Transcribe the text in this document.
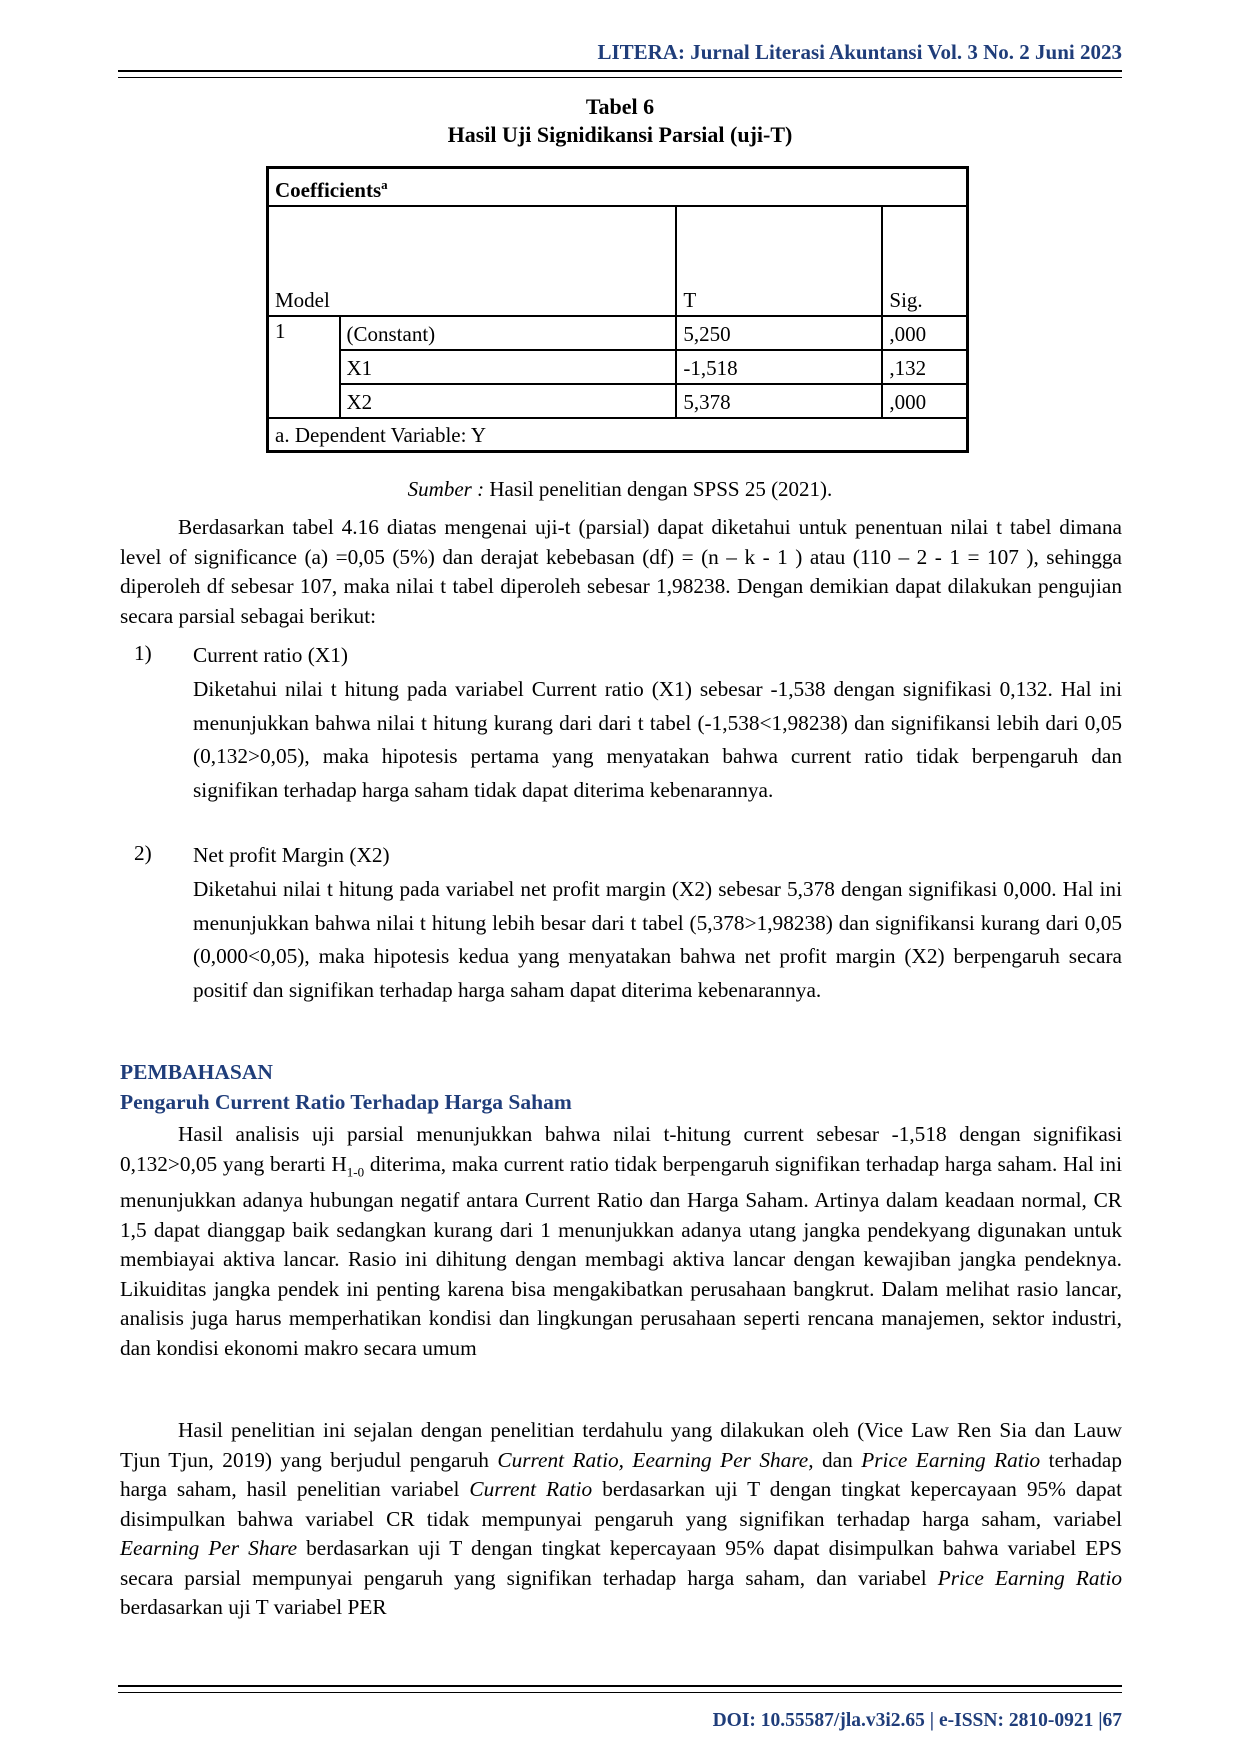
LITERA: Jurnal Literasi Akuntansi Vol. 3 No. 2 Juni 2023
Tabel 6
Hasil Uji Signidikansi Parsial (uji-T)
Coefficients$^a$
Model		T	Sig.
1	(Constant)	5,250	,000
	X1	-1,518	,132
	X2	5,378	,000
a. Dependent Variable: Y			
Sumber : Hasil penelitian dengan SPSS 25 (2021).

Berdasarkan tabel 4.16 diatas mengenai uji-t (parsial) dapat diketahui untuk penentuan nilai t tabel dimana level of significance (a) =0,05 (5%) dan derajat kebebasan (df) = (n – k - 1 ) atau (110 – 2 - 1 = 107 ), sehingga diperoleh df sebesar 107, maka nilai t tabel diperoleh sebesar 1,98238. Dengan demikian dapat dilakukan pengujian secara parsial sebagai berikut:

1) Current ratio (X1)
Diketahui nilai t hitung pada variabel Current ratio (X1) sebesar -1,538 dengan signifikasi 0,132. Hal ini menunjukkan bahwa nilai t hitung kurang dari dari t tabel (-1,538<1,98238) dan signifikansi lebih dari 0,05 (0,132>0,05), maka hipotesis pertama yang menyatakan bahwa current ratio tidak berpengaruh dan signifikan terhadap harga saham tidak dapat diterima kebenarannya.
2) Net profit Margin (X2)
Diketahui nilai t hitung pada variabel net profit margin (X2) sebesar 5,378 dengan signifikasi 0,000. Hal ini menunjukkan bahwa nilai t hitung lebih besar dari t tabel (5,378>1,98238) dan signifikansi kurang dari 0,05 (0,000<0,05), maka hipotesis kedua yang menyatakan bahwa net profit margin (X2) berpengaruh secara positif dan signifikan terhadap harga saham dapat diterima kebenarannya.
PEMBAHASAN
Pengaruh Current Ratio Terhadap Harga Saham

Hasil analisis uji parsial menunjukkan bahwa nilai t-hitung current sebesar -1,518 dengan signifikasi 0,132>0,05 yang berarti $H_{1-0}$ diterima, maka current ratio tidak berpengaruh signifikan terhadap harga saham. Hal ini menunjukkan adanya hubungan negatif antara Current Ratio dan Harga Saham. Artinya dalam keadaan normal, CR 1,5 dapat dianggap baik sedangkan kurang dari 1 menunjukkan adanya utang jangka pendekyang digunakan untuk membiayai aktiva lancar. Rasio ini dihitung dengan membagi aktiva lancar dengan kewajiban jangka pendeknya. Likuiditas jangka pendek ini penting karena bisa mengakibatkan perusahaan bangkrut. Dalam melihat rasio lancar, analisis juga harus memperhatikan kondisi dan lingkungan perusahaan seperti rencana manajemen, sektor industri, dan kondisi ekonomi makro secara umum

Hasil penelitian ini sejalan dengan penelitian terdahulu yang dilakukan oleh (Vice Law Ren Sia dan Lauw Tjun Tjun, 2019) yang berjudul pengaruh Current Ratio, Eearning Per Share, dan Price Earning Ratio terhadap harga saham, hasil penelitian variabel Current Ratio berdasarkan uji T dengan tingkat kepercayaan 95% dapat disimpulkan bahwa variabel CR tidak mempunyai pengaruh yang signifikan terhadap harga saham, variabel Eearning Per Share berdasarkan uji T dengan tingkat kepercayaan 95% dapat disimpulkan bahwa variabel EPS secara parsial mempunyai pengaruh yang signifikan terhadap harga saham, dan variabel Price Earning Ratio berdasarkan uji T variabel PER

DOI: 10.55587/jla.v3i2.65 | e-ISSN: 2810-0921 |67
